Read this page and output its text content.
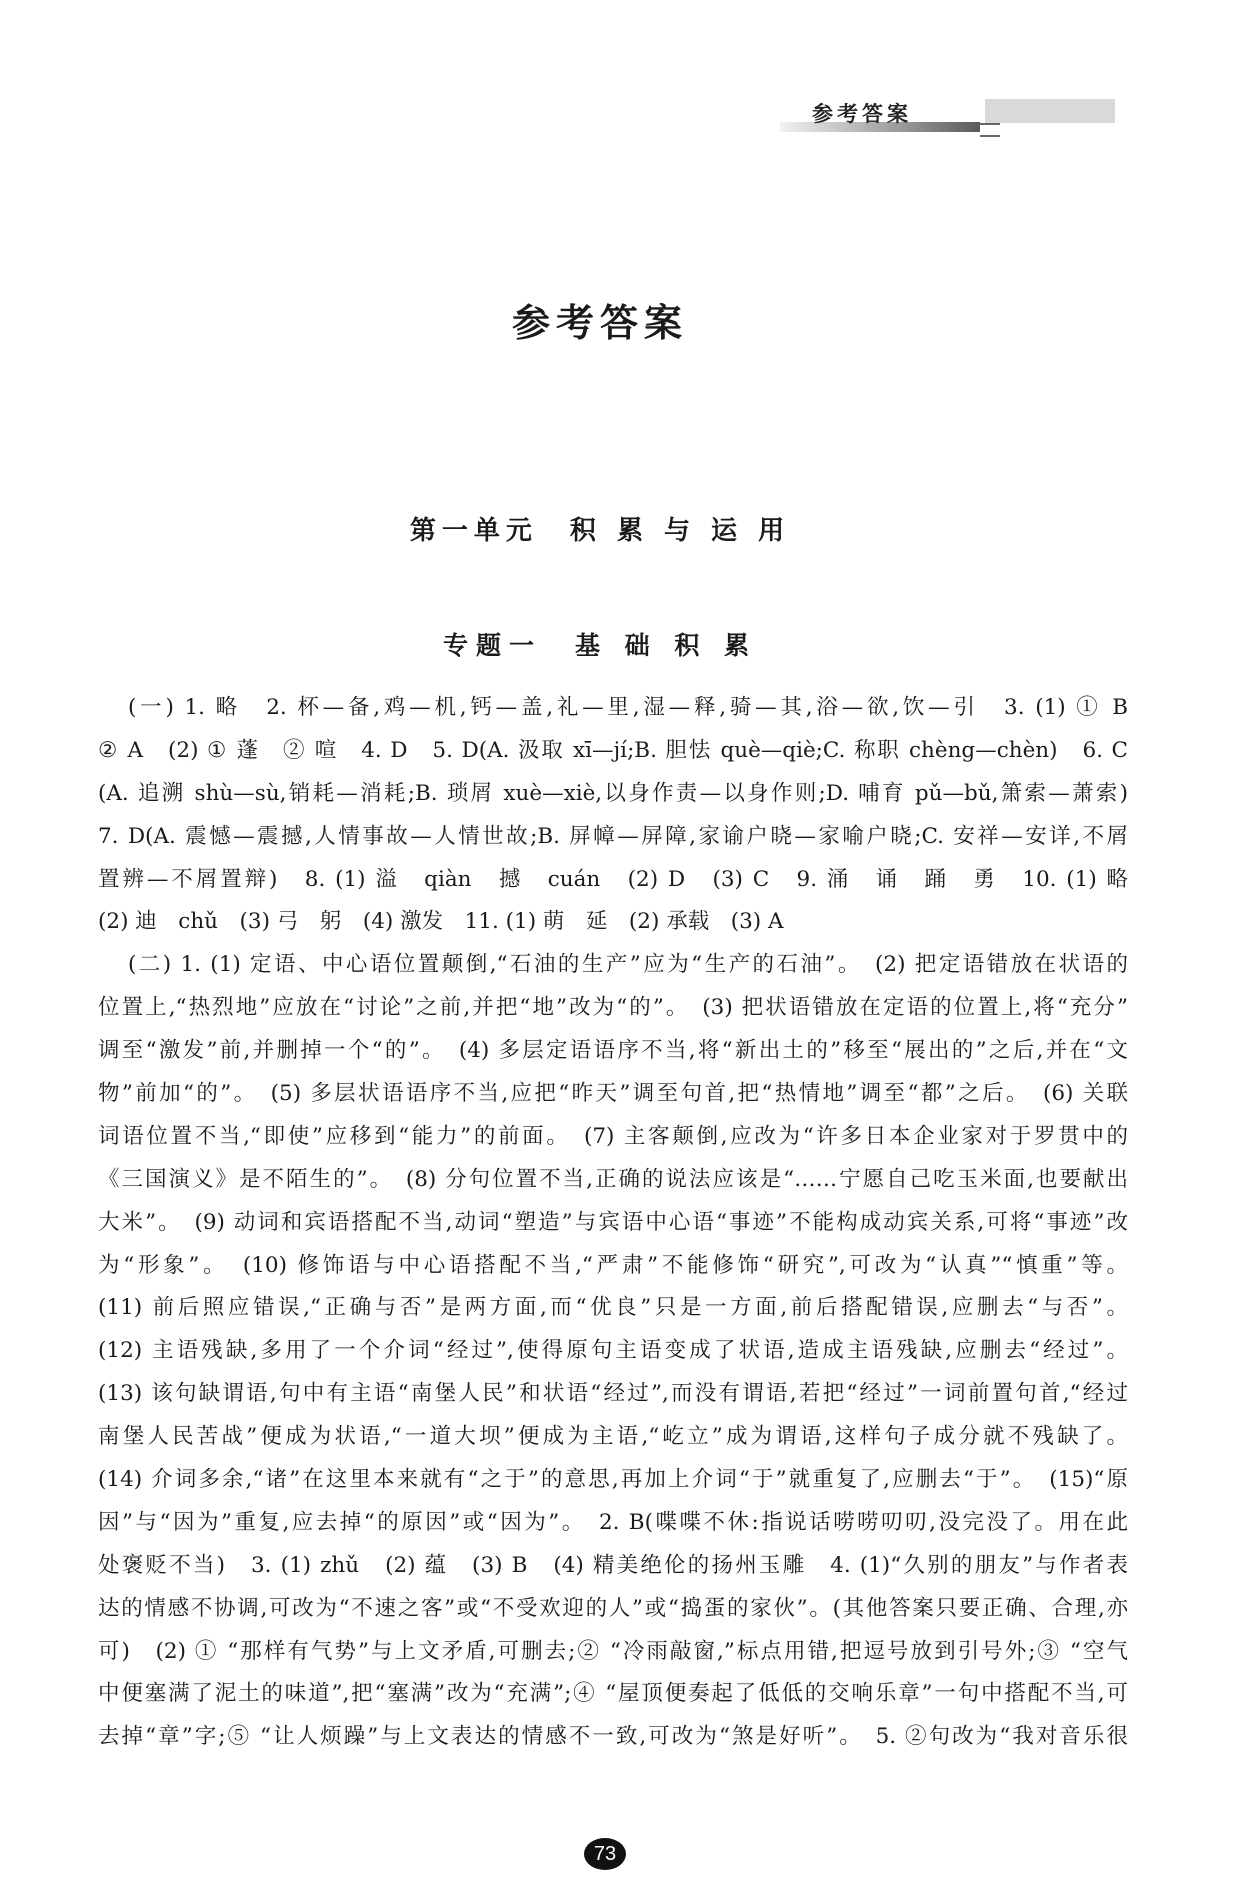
参考答案
参考答案
第一单元　积 累 与 运 用
专题一　基 础 积 累
(一) 1. 略　2. 杯—备,鸡—机,钙—盖,礼—里,湿—释,骑—其,浴—欲,饮—引　3. (1) ① B
② A　(2) ① 蓬　② 喧　4. D　5. D(A. 汲取 xī—jí;B. 胆怯 què—qiè;C. 称职 chèng—chèn)　6. C
(A. 追溯 shù—sù,销耗—消耗;B. 琐屑 xuè—xiè,以身作责—以身作则;D. 哺育 pǔ—bǔ,箫索—萧索)
7. D(A. 震憾—震撼,人情事故—人情世故;B. 屏幛—屏障,家谕户晓—家喻户晓;C. 安祥—安详,不屑
置辨—不屑置辩)　8. (1) 溢　qiàn　撼　cuán　(2) D　(3) C　9. 涌　诵　踊　勇　10. (1) 略
(2) 迪　chǔ　(3) 弓　躬　(4) 激发　11. (1) 萌　延　(2) 承载　(3) A
(二) 1. (1) 定语、中心语位置颠倒,“石油的生产”应为“生产的石油”。　(2) 把定语错放在状语的
位置上,“热烈地”应放在“讨论”之前,并把“地”改为“的”。　(3) 把状语错放在定语的位置上,将“充分”
调至“激发”前,并删掉一个“的”。　(4) 多层定语语序不当,将“新出土的”移至“展出的”之后,并在“文
物”前加“的”。　(5) 多层状语语序不当,应把“昨天”调至句首,把“热情地”调至“都”之后。　(6) 关联
词语位置不当,“即使”应移到“能力”的前面。　(7) 主客颠倒,应改为“许多日本企业家对于罗贯中的
《三国演义》是不陌生的”。　(8) 分句位置不当,正确的说法应该是“……宁愿自己吃玉米面,也要献出
大米”。　(9) 动词和宾语搭配不当,动词“塑造”与宾语中心语“事迹”不能构成动宾关系,可将“事迹”改
为“形象”。　(10) 修饰语与中心语搭配不当,“严肃”不能修饰“研究”,可改为“认真”“慎重”等。
(11) 前后照应错误,“正确与否”是两方面,而“优良”只是一方面,前后搭配错误,应删去“与否”。
(12) 主语残缺,多用了一个介词“经过”,使得原句主语变成了状语,造成主语残缺,应删去“经过”。
(13) 该句缺谓语,句中有主语“南堡人民”和状语“经过”,而没有谓语,若把“经过”一词前置句首,“经过
南堡人民苦战”便成为状语,“一道大坝”便成为主语,“屹立”成为谓语,这样句子成分就不残缺了。
(14) 介词多余,“诸”在这里本来就有“之于”的意思,再加上介词“于”就重复了,应删去“于”。　(15)“原
因”与“因为”重复,应去掉“的原因”或“因为”。　2. B(喋喋不休:指说话唠唠叨叨,没完没了。用在此
处褒贬不当)　3. (1) zhǔ　(2) 蕴　(3) B　(4) 精美绝伦的扬州玉雕　4. (1)“久别的朋友”与作者表
达的情感不协调,可改为“不速之客”或“不受欢迎的人”或“捣蛋的家伙”。(其他答案只要正确、合理,亦
可)　(2) ① “那样有气势”与上文矛盾,可删去;② “冷雨敲窗,”标点用错,把逗号放到引号外;③ “空气
中便塞满了泥土的味道”,把“塞满”改为“充满”;④ “屋顶便奏起了低低的交响乐章”一句中搭配不当,可
去掉“章”字;⑤ “让人烦躁”与上文表达的情感不一致,可改为“煞是好听”。　5. ②句改为“我对音乐很
73
